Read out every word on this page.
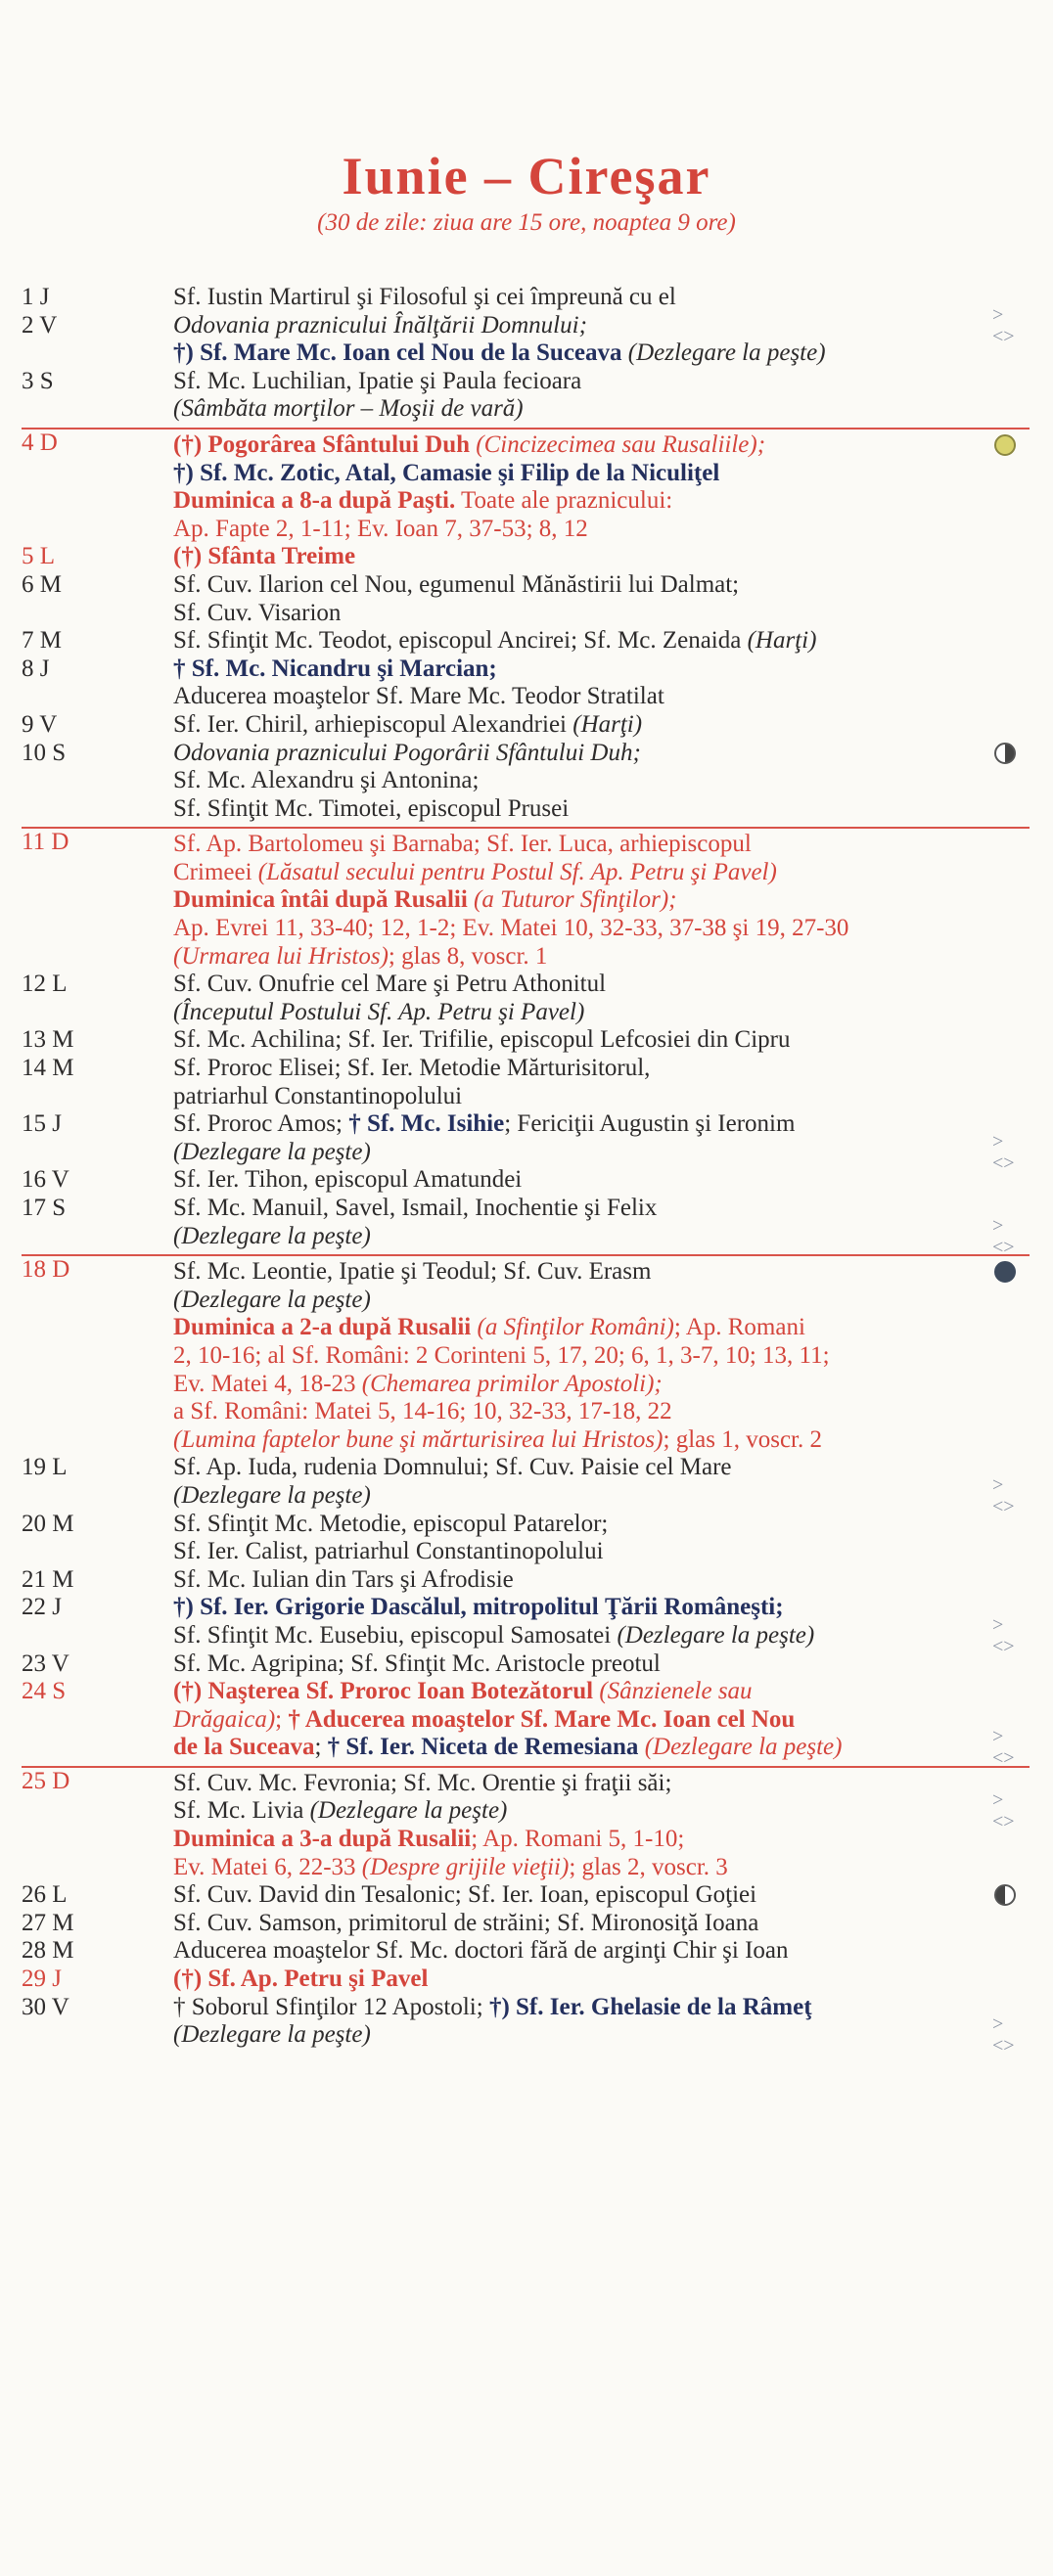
Iunie – Cireşar
(30 de zile: ziua are 15 ore, noaptea 9 ore)
1 J	Sf. Iustin Martirul şi Filosoful şi cei împreună cu el
2 V	Odovania praznicului Înălţării Domnului;
†) Sf. Mare Mc. Ioan cel Nou de la Suceava (Dezlegare la peşte)
><>
3 S	Sf. Mc. Luchilian, Ipatie şi Paula fecioara
(Sâmbăta morţilor – Moşii de vară)
4 D	(†) Pogorârea Sfântului Duh (Cincizecimea sau Rusaliile);
†) Sf. Mc. Zotic, Atal, Camasie şi Filip de la Niculiţel
Duminica a 8-a după Paşti. Toate ale praznicului:
Ap. Fapte 2, 1-11; Ev. Ioan 7, 37-53; 8, 12
5 L	(†) Sfânta Treime
6 M	Sf. Cuv. Ilarion cel Nou, egumenul Mănăstirii lui Dalmat;
Sf. Cuv. Visarion
7 M	Sf. Sfinţit Mc. Teodot, episcopul Ancirei; Sf. Mc. Zenaida (Harţi)
8 J	† Sf. Mc. Nicandru şi Marcian;
Aducerea moaştelor Sf. Mare Mc. Teodor Stratilat
9 V	Sf. Ier. Chiril, arhiepiscopul Alexandriei (Harţi)
10 S	Odovania praznicului Pogorârii Sfântului Duh;
Sf. Mc. Alexandru şi Antonina;
Sf. Sfinţit Mc. Timotei, episcopul Prusei
11 D	Sf. Ap. Bartolomeu şi Barnaba; Sf. Ier. Luca, arhiepiscopul
Crimeei (Lăsatul secului pentru Postul Sf. Ap. Petru şi Pavel)
Duminica întâi după Rusalii (a Tuturor Sfinţilor);
Ap. Evrei 11, 33-40; 12, 1-2; Ev. Matei 10, 32-33, 37-38 şi 19, 27-30
(Urmarea lui Hristos); glas 8, voscr. 1
12 L	Sf. Cuv. Onufrie cel Mare şi Petru Athonitul
(Începutul Postului Sf. Ap. Petru şi Pavel)
13 M	Sf. Mc. Achilina; Sf. Ier. Trifilie, episcopul Lefcosiei din Cipru
14 M	Sf. Proroc Elisei; Sf. Ier. Metodie Mărturisitorul,
patriarhul Constantinopolului
15 J	Sf. Proroc Amos; † Sf. Mc. Isihie; Fericiţii Augustin şi Ieronim
(Dezlegare la peşte)	><>
16 V	Sf. Ier. Tihon, episcopul Amatundei
17 S	Sf. Mc. Manuil, Savel, Ismail, Inochentie şi Felix
(Dezlegare la peşte)	><>
18 D	Sf. Mc. Leontie, Ipatie şi Teodul; Sf. Cuv. Erasm
(Dezlegare la peşte)
Duminica a 2-a după Rusalii (a Sfinţilor Români); Ap. Romani
2, 10-16; al Sf. Români: 2 Corinteni 5, 17, 20; 6, 1, 3-7, 10; 13, 11;
Ev. Matei 4, 18-23 (Chemarea primilor Apostoli);
a Sf. Români: Matei 5, 14-16; 10, 32-33, 17-18, 22
(Lumina faptelor bune şi mărturisirea lui Hristos); glas 1, voscr. 2
19 L	Sf. Ap. Iuda, rudenia Domnului; Sf. Cuv. Paisie cel Mare
(Dezlegare la peşte)	><>
20 M	Sf. Sfinţit Mc. Metodie, episcopul Patarelor;
Sf. Ier. Calist, patriarhul Constantinopolului
21 M	Sf. Mc. Iulian din Tars şi Afrodisie
22 J	†) Sf. Ier. Grigorie Dascălul, mitropolitul Ţării Româneşti;
Sf. Sfinţit Mc. Eusebiu, episcopul Samosatei (Dezlegare la peşte)	><>
23 V	Sf. Mc. Agripina; Sf. Sfinţit Mc. Aristocle preotul
24 S	(†) Naşterea Sf. Proroc Ioan Botezătorul (Sânzienele sau
Drăgaica); † Aducerea moaştelor Sf. Mare Mc. Ioan cel Nou
de la Suceava; † Sf. Ier. Niceta de Remesiana (Dezlegare la peşte)	><>
25 D	Sf. Cuv. Mc. Fevronia; Sf. Mc. Orentie şi fraţii săi;
Sf. Mc. Livia (Dezlegare la peşte)
Duminica a 3-a după Rusalii; Ap. Romani 5, 1-10;
Ev. Matei 6, 22-33 (Despre grijile vieţii); glas 2, voscr. 3
><>
26 L	Sf. Cuv. David din Tesalonic; Sf. Ier. Ioan, episcopul Goţiei
27 M	Sf. Cuv. Samson, primitorul de străini; Sf. Mironosiţă Ioana
28 M	Aducerea moaştelor Sf. Mc. doctori fără de arginţi Chir şi Ioan
29 J	(†) Sf. Ap. Petru şi Pavel
30 V	† Soborul Sfinţilor 12 Apostoli; †) Sf. Ier. Ghelasie de la Râmeţ
(Dezlegare la peşte)	><>
